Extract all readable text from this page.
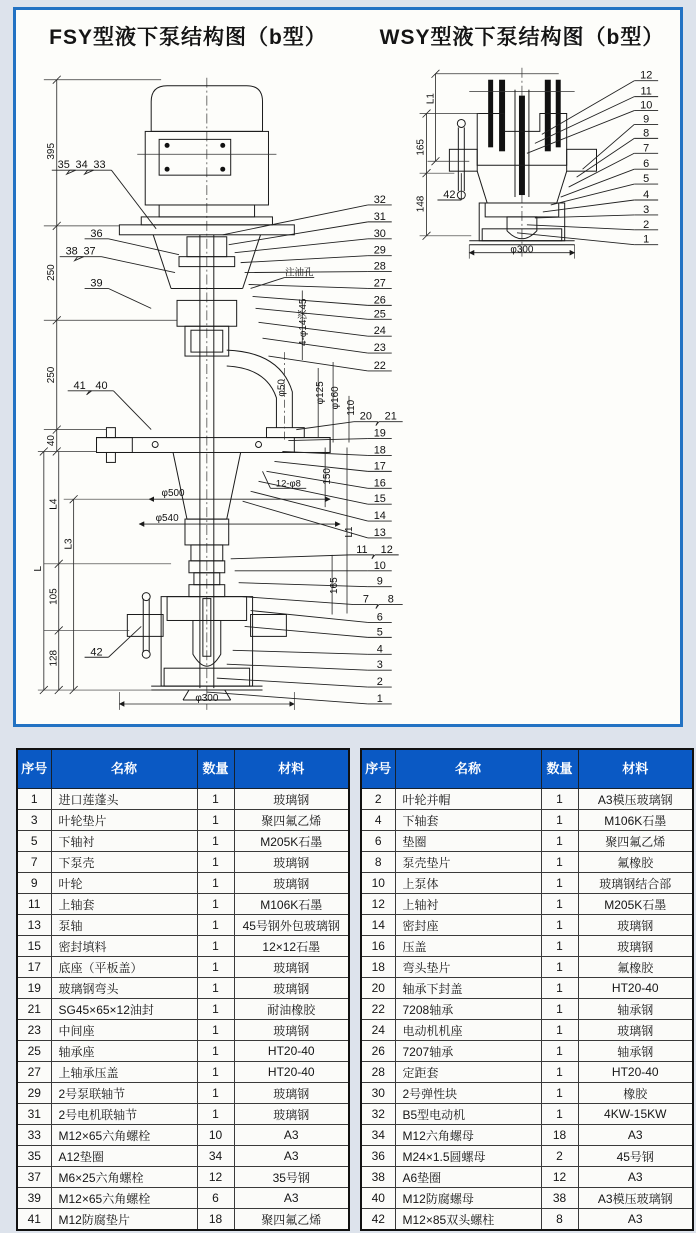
32
31
30
29
28
27
26
25
24
23
22
20 21
19
18
17
16
15
14
13
11 12
10
9
7 8
6
5
4
3
2
1
35 34 33
36
38 37
39
41 40
42
12-φ8
注油孔
12
11
10
9
8
7
6
5
4
3
2
1
42
395
250
250
40
L
L4
105
128
L3
4-φ14深45
φ50	φ125 φ160 110
150
L1
165
φ500
φ540
φ300
L1
165
148
φ300
FSY型液下泵结构图（b型）	WSY型液下泵结构图（b型）
序号	名称	数量	材料
1	进口莲蓬头	1	玻璃钢
3	叶轮垫片	1	聚四氟乙烯
5	下轴衬	1	M205K石墨
7	下泵壳	1	玻璃钢
9	叶轮	1	玻璃钢
11	上轴套	1	M106K石墨
13	泵轴	1	45号钢外包玻璃钢
15	密封填料	1	12×12石墨
17	底座（平板盖）	1	玻璃钢
19	玻璃钢弯头	1	玻璃钢
21	SG45×65×12油封	1	耐油橡胶
23	中间座	1	玻璃钢
25	轴承座	1	HT20-40
27	上轴承压盖	1	HT20-40
29	2号泵联轴节	1	玻璃钢
31	2号电机联轴节	1	玻璃钢
33	M12×65六角螺栓	10	A3
35	A12垫圈	34	A3
37	M6×25六角螺栓	12	35号钢
39	M12×65六角螺栓	6	A3
41	M12防腐垫片	18	聚四氟乙烯
序号	名称	数量	材料
2	叶轮并帽	1	A3模压玻璃钢
4	下轴套	1	M106K石墨
6	垫圈	1	聚四氟乙烯
8	泵壳垫片	1	氟橡胶
10	上泵体	1	玻璃钢结合部
12	上轴衬	1	M205K石墨
14	密封座	1	玻璃钢
16	压盖	1	玻璃钢
18	弯头垫片	1	氟橡胶
20	轴承下封盖	1	HT20-40
22	7208轴承	1	轴承钢
24	电动机机座	1	玻璃钢
26	7207轴承	1	轴承钢
28	定距套	1	HT20-40
30	2号弹性块	1	橡胶
32	B5型电动机	1	4KW-15KW
34	M12六角螺母	18	A3
36	M24×1.5圆螺母	2	45号钢
38	A6垫圈	12	A3
40	M12防腐螺母	38	A3模压玻璃钢
42	M12×85双头螺柱	8	A3
